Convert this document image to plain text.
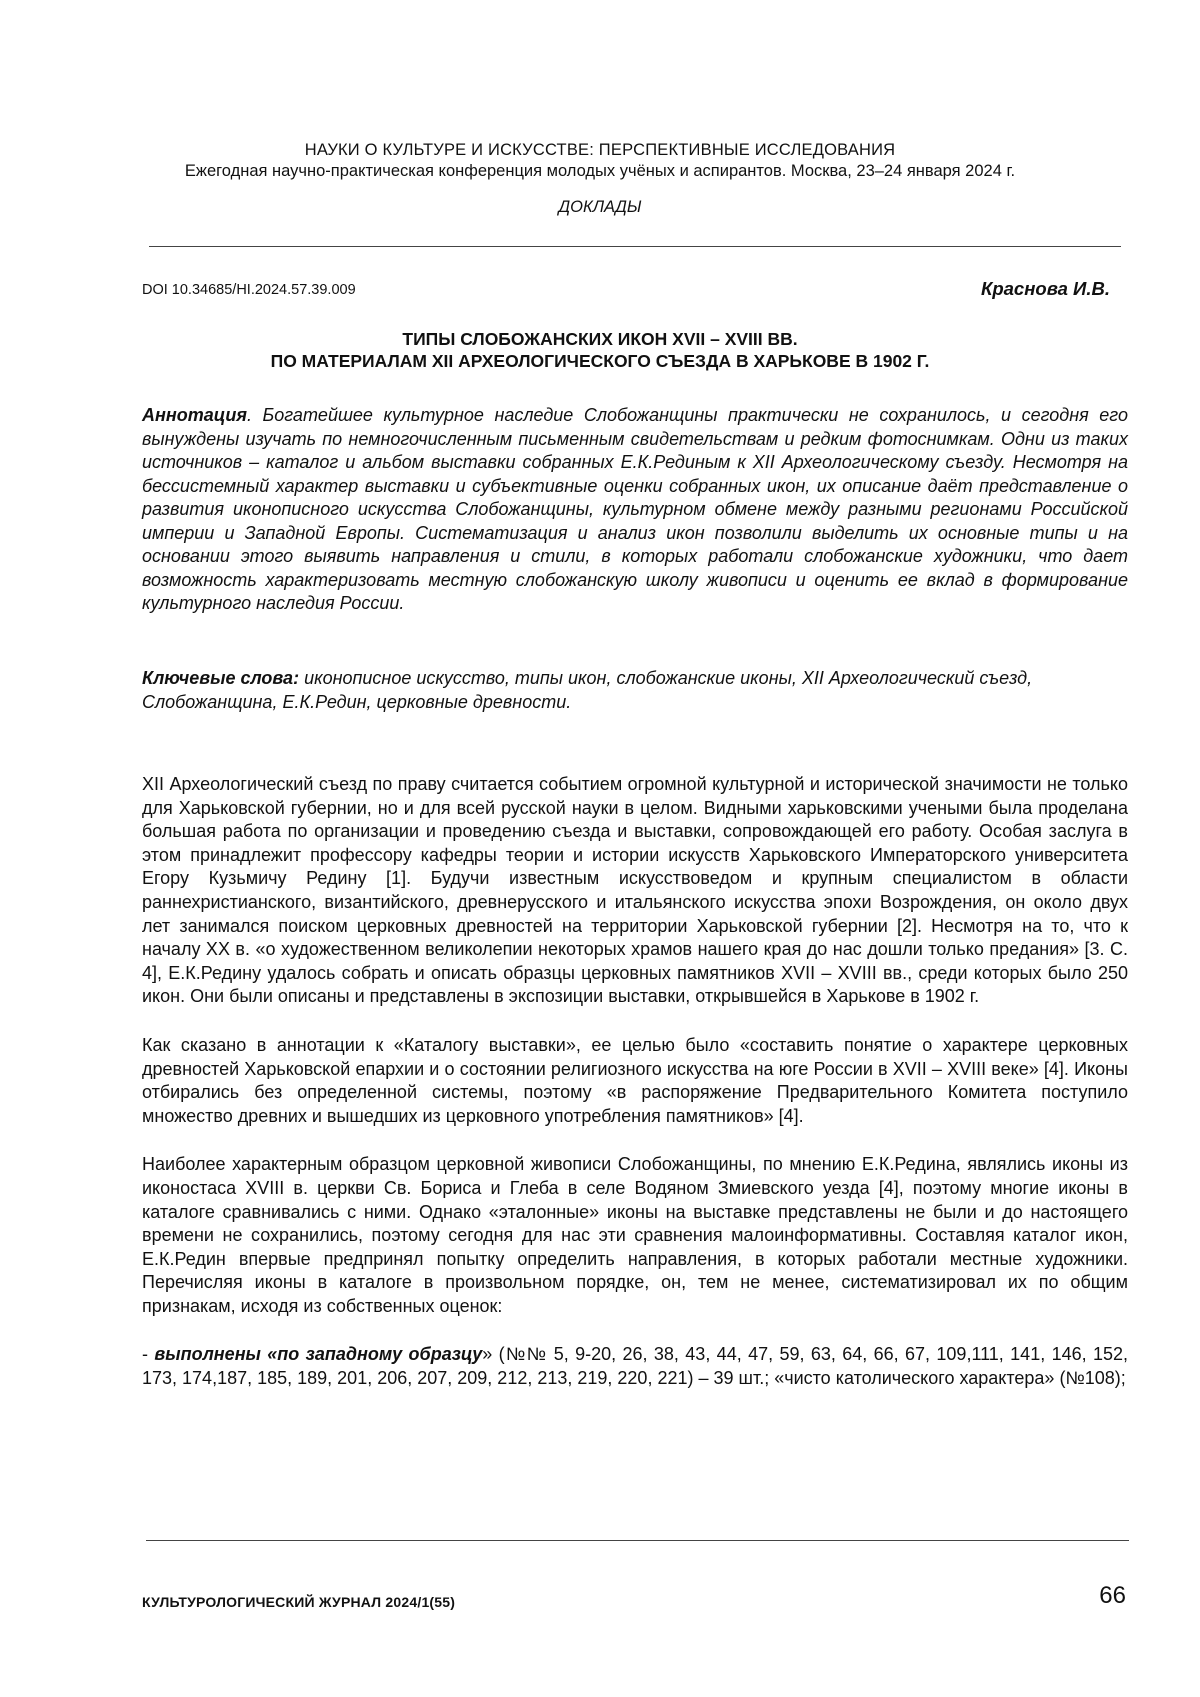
НАУКИ О КУЛЬТУРЕ И ИСКУССТВЕ: ПЕРСПЕКТИВНЫЕ ИССЛЕДОВАНИЯ
Ежегодная научно-практическая конференция молодых учёных и аспирантов. Москва, 23–24 января 2024 г.
ДОКЛАДЫ
DOI 10.34685/HI.2024.57.39.009	Краснова И.В.
ТИПЫ СЛОБОЖАНСКИХ ИКОН XVII – XVIII ВВ.
ПО МАТЕРИАЛАМ XII АРХЕОЛОГИЧЕСКОГО СЪЕЗДА В ХАРЬКОВЕ В 1902 Г.
Аннотация. Богатейшее культурное наследие Слобожанщины практически не сохранилось, и сегодня его вынуждены изучать по немногочисленным письменным свидетельствам и редким фотоснимкам. Одни из таких источников – каталог и альбом выставки собранных Е.К.Рединым к XII Археологическому съезду. Несмотря на бессистемный характер выставки и субъективные оценки собранных икон, их описание даёт представление о развития иконописного искусства Слобожанщины, культурном обмене между разными регионами Российской империи и Западной Европы. Систематизация и анализ икон позволили выделить их основные типы и на основании этого выявить направления и стили, в которых работали слобожанские художники, что дает возможность характеризовать местную слобожанскую школу живописи и оценить ее вклад в формирование культурного наследия России.
Ключевые слова: иконописное искусство, типы икон, слобожанские иконы, XII Археологический съезд, Слобожанщина, Е.К.Редин, церковные древности.

XII Археологический съезд по праву считается событием огромной культурной и исторической значимости не только для Харьковской губернии, но и для всей русской науки в целом. Видными харьковскими учеными была проделана большая работа по организации и проведению съезда и выставки, сопровождающей его работу. Особая заслуга в этом принадлежит профессору кафедры теории и истории искусств Харьковского Императорского университета Егору Кузьмичу Редину [1]. Будучи известным искусствоведом и крупным специалистом в области раннехристианского, византийского, древнерусского и итальянского искусства эпохи Возрождения, он около двух лет занимался поиском церковных древностей на территории Харьковской губернии [2]. Несмотря на то, что к началу XX в. «о художественном великолепии некоторых храмов нашего края до нас дошли только предания» [3. С. 4], Е.К.Редину удалось собрать и описать образцы церковных памятников XVII – XVIII вв., среди которых было 250 икон. Они были описаны и представлены в экспозиции выставки, открывшейся в Харькове в 1902 г.

Как сказано в аннотации к «Каталогу выставки», ее целью было «составить понятие о характере церковных древностей Харьковской епархии и о состоянии религиозного искусства на юге России в XVII – XVIII веке» [4]. Иконы отбирались без определенной системы, поэтому «в распоряжение Предварительного Комитета поступило множество древних и вышедших из церковного употребления памятников» [4].

Наиболее характерным образцом церковной живописи Слобожанщины, по мнению Е.К.Редина, являлись иконы из иконостаса XVIII в. церкви Св. Бориса и Глеба в селе Водяном Змиевского уезда [4], поэтому многие иконы в каталоге сравнивались с ними. Однако «эталонные» иконы на выставке представлены не были и до настоящего времени не сохранились, поэтому сегодня для нас эти сравнения малоинформативны. Составляя каталог икон, Е.К.Редин впервые предпринял попытку определить направления, в которых работали местные художники. Перечисляя иконы в каталоге в произвольном порядке, он, тем не менее, систематизировал их по общим признакам, исходя из собственных оценок:

- выполнены «по западному образцу» (№№ 5, 9-20, 26, 38, 43, 44, 47, 59, 63, 64, 66, 67, 109,111, 141, 146, 152, 173, 174,187, 185, 189, 201, 206, 207, 209, 212, 213, 219, 220, 221) – 39 шт.; «чисто католического характера» (№108);

КУЛЬТУРОЛОГИЧЕСКИЙ ЖУРНАЛ 2024/1(55)	66
